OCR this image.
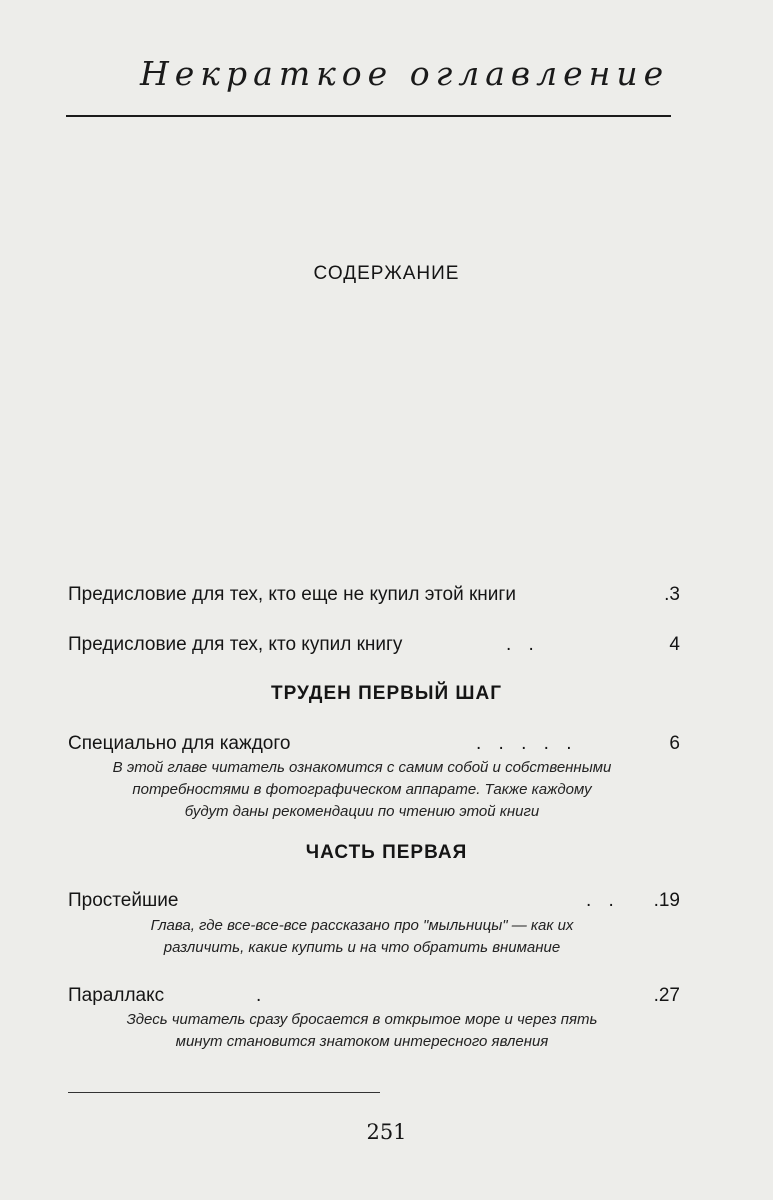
Некраткое оглавление
СОДЕРЖАНИЕ
Предисловие для тех, кто еще не купил этой книги	.3
Предисловие для тех, кто купил книгу	. .	4
ТРУДЕН ПЕРВЫЙ ШАГ
Специально для каждого	. . . . .	6
В этой главе читатель ознакомится с самим собой и собственными потребностями в фотографическом аппарате. Также каждому будут даны рекомендации по чтению этой книги
ЧАСТЬ ПЕРВАЯ
Простейшие	. . .19
Глава, где все-все-все рассказано про "мыльницы" — как их различить, какие купить и на что обратить внимание
Параллакс	.	.27
Здесь читатель сразу бросается в открытое море и через пять минут становится знатоком интересного явления
251
